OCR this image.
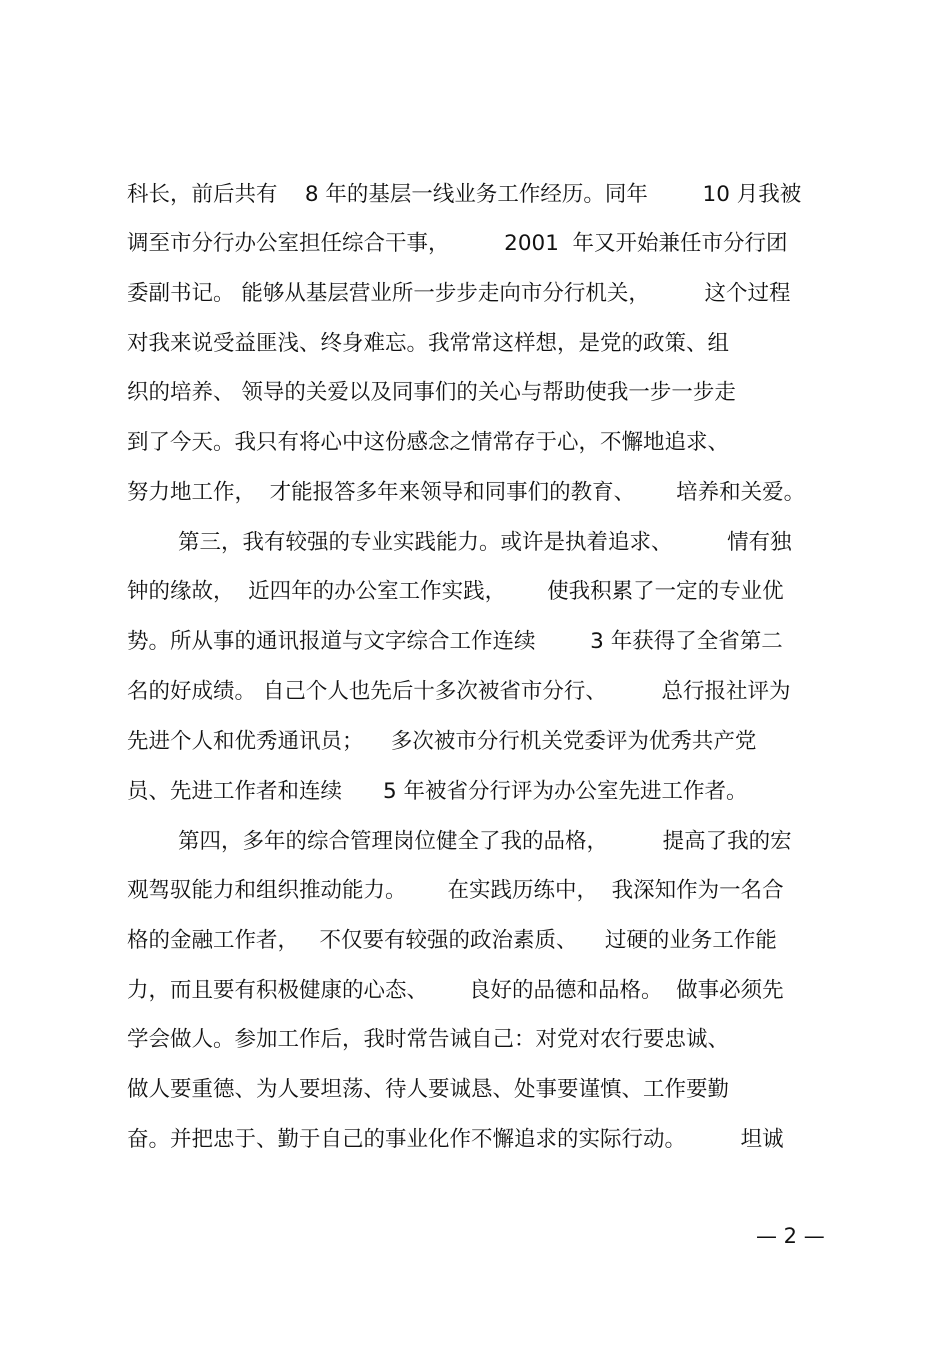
科长，前后共有    8 年的基层一线业务工作经历。同年        10 月我被
调至市分行办公室担任综合干事，        2001  年又开始兼任市分行团
委副书记。 能够从基层营业所一步步走向市分行机关，        这个过程
对我来说受益匪浅、终身难忘。我常常这样想，是党的政策、组
织的培养、 领导的关爱以及同事们的关心与帮助使我一步一步走
到了今天。我只有将心中这份感念之情常存于心，不懈地追求、
努力地工作，  才能报答多年来领导和同事们的教育、      培养和关爱。
第三，我有较强的专业实践能力。或许是执着追求、        情有独
钟的缘故，  近四年的办公室工作实践，      使我积累了一定的专业优
势。所从事的通讯报道与文字综合工作连续        3 年获得了全省第二
名的好成绩。 自己个人也先后十多次被省市分行、        总行报社评为
先进个人和优秀通讯员；    多次被市分行机关党委评为优秀共产党
员、先进工作者和连续      5 年被省分行评为办公室先进工作者。
第四，多年的综合管理岗位健全了我的品格，        提高了我的宏
观驾驭能力和组织推动能力。      在实践历练中，  我深知作为一名合
格的金融工作者，   不仅要有较强的政治素质、    过硬的业务工作能
力，而且要有积极健康的心态、      良好的品德和品格。  做事必须先
学会做人。参加工作后，我时常告诫自己：对党对农行要忠诚、
做人要重德、为人要坦荡、待人要诚恳、处事要谨慎、工作要勤
奋。并把忠于、勤于自己的事业化作不懈追求的实际行动。        坦诚
— 2 —
